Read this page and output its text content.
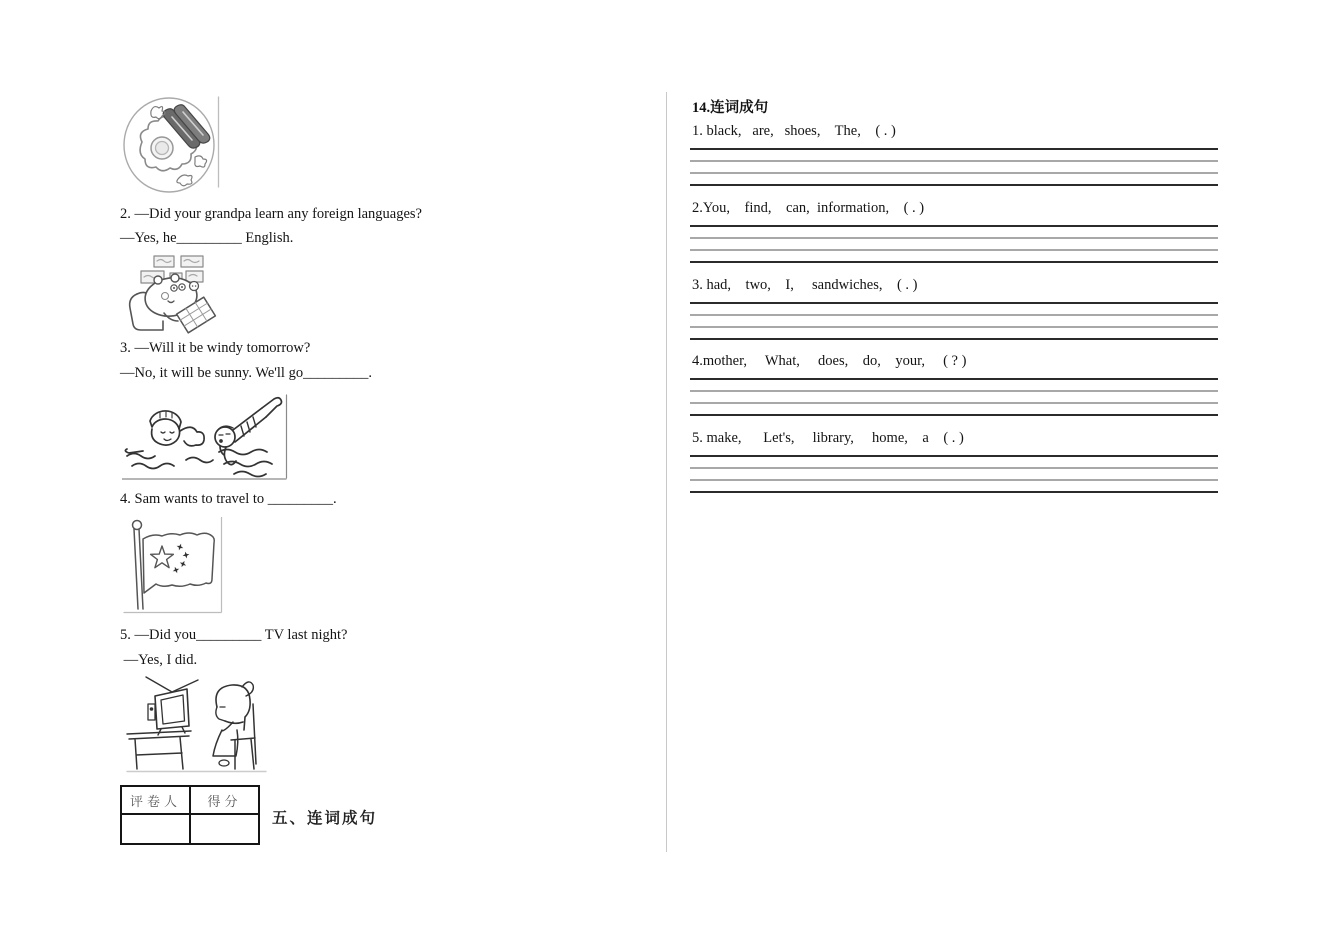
2. —Did your grandpa learn any foreign languages?
—Yes, he_________ English.
3. —Will it be windy tomorrow?
—No, it will be sunny. We'll go_________.
4. Sam wants to travel to _________.
5. —Did you_________ TV last night?
—Yes, I did.
评卷人	得分

五、连词成句
14.连词成句
1. black,   are,   shoes,    The,    ( . )
2.You,    find,    can,  information,    ( . )
3. had,    two,    I,     sandwiches,    ( . )
4.mother,     What,     does,    do,    your,     ( ? )
5. make,      Let's,     library,     home,    a    ( . )
